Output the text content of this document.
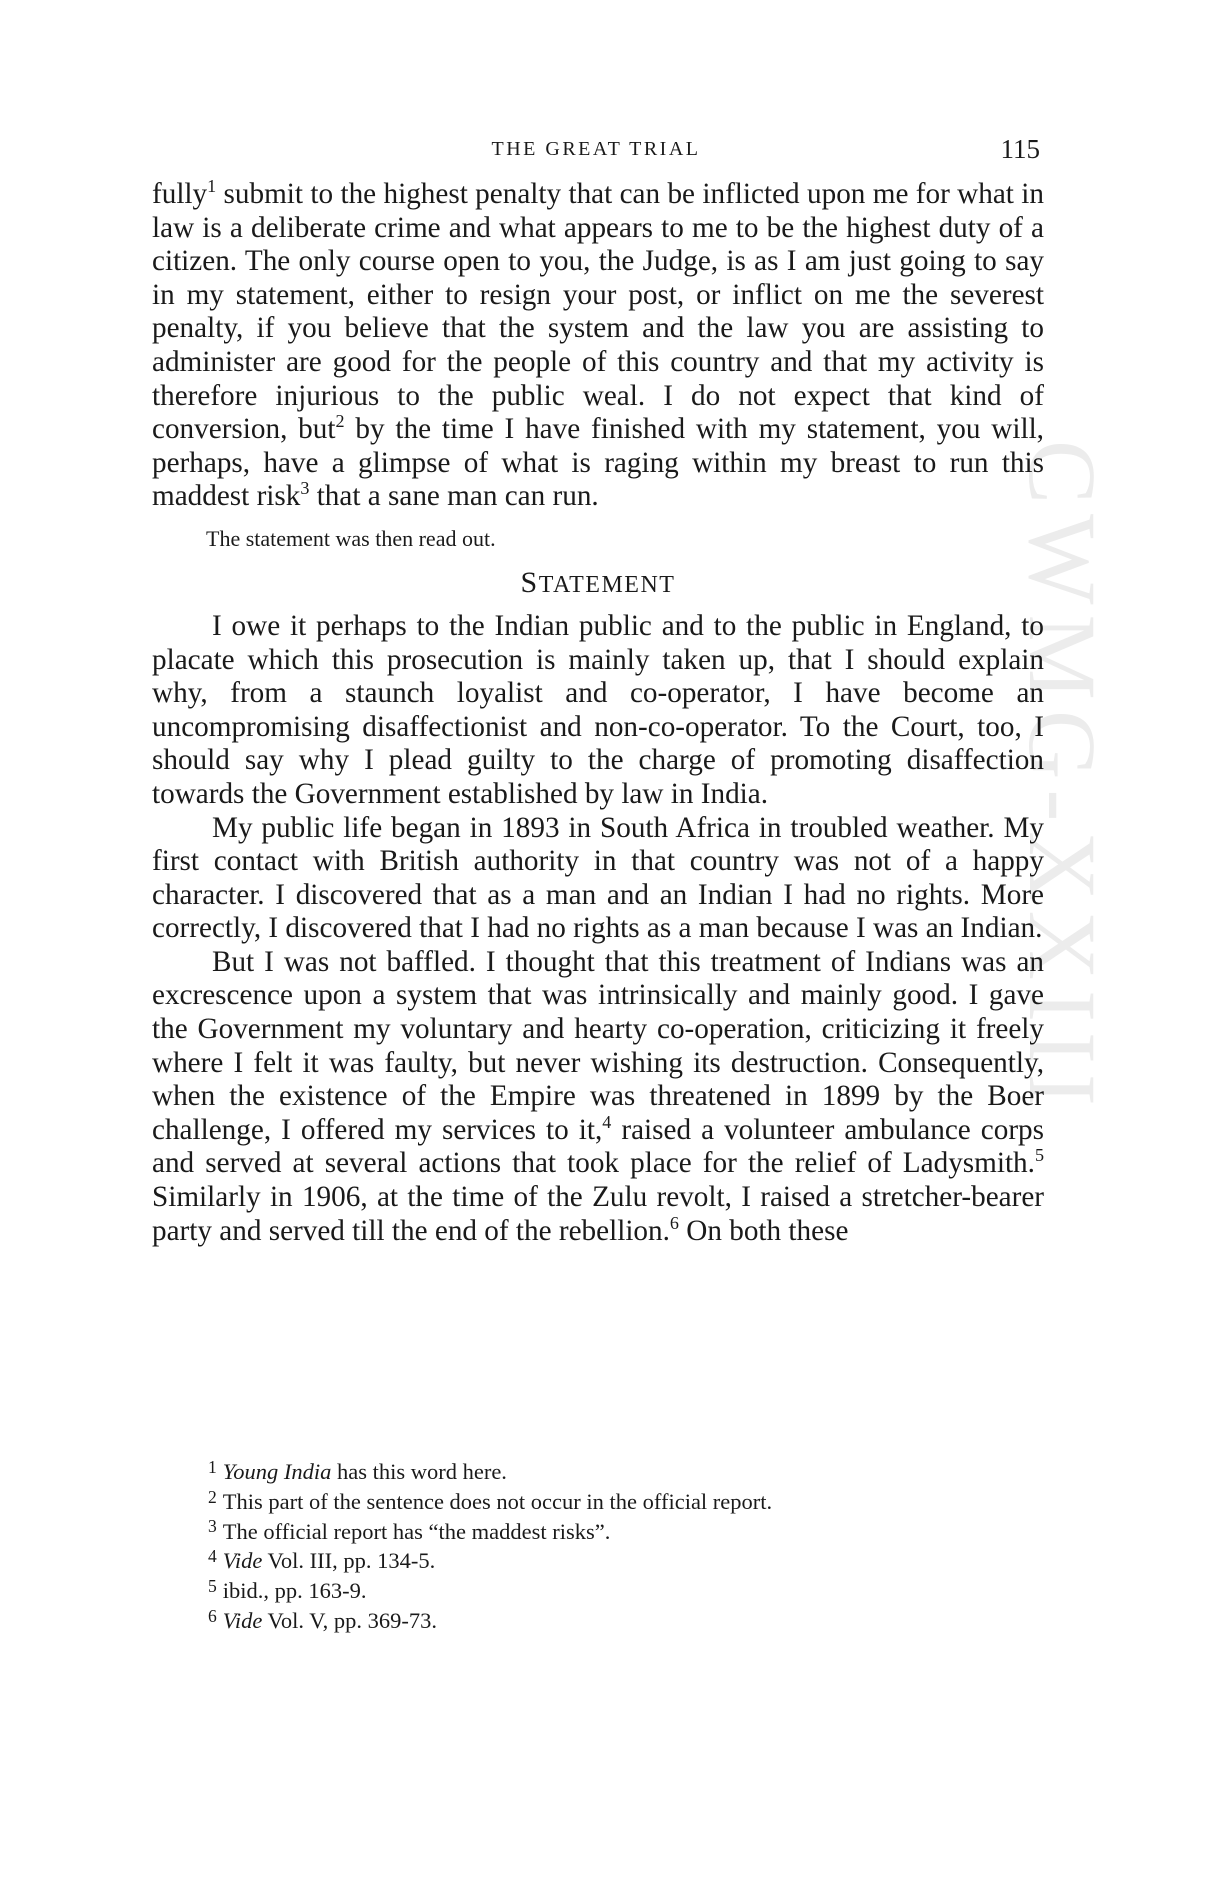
THE GREAT TRIAL	115
CWMG-XXIII

fully$^1$ submit to the highest penalty that can be inflicted upon me for what in law is a deliberate crime and what appears to me to be the highest duty of a citizen. The only course open to you, the Judge, is as I am just going to say in my statement, either to resign your post, or inflict on me the severest penalty, if you believe that the system and the law you are assisting to administer are good for the people of this country and that my activity is therefore injurious to the public weal. I do not expect that kind of conversion, but$^2$ by the time I have finished with my statement, you will, perhaps, have a glimpse of what is raging within my breast to run this maddest risk$^3$ that a sane man can run.

The statement was then read out.

STATEMENT

I owe it perhaps to the Indian public and to the public in England, to placate which this prosecution is mainly taken up, that I should explain why, from a staunch loyalist and co-operator, I have become an uncompromising disaffectionist and non-co-operator. To the Court, too, I should say why I plead guilty to the charge of promoting disaffection towards the Government established by law in India.

My public life began in 1893 in South Africa in troubled weather. My first contact with British authority in that country was not of a happy character. I discovered that as a man and an Indian I had no rights. More correctly, I discovered that I had no rights as a man because I was an Indian.

But I was not baffled. I thought that this treatment of Indians was an excrescence upon a system that was intrinsically and mainly good. I gave the Government my voluntary and hearty co-operation, criticizing it freely where I felt it was faulty, but never wishing its destruction. Consequently, when the existence of the Empire was threatened in 1899 by the Boer challenge, I offered my services to it,$^4$ raised a volunteer ambulance corps and served at several actions that took place for the relief of Ladysmith.$^5$ Similarly in 1906, at the time of the Zulu revolt, I raised a stretcher-bearer party and served till the end of the rebellion.$^6$ On both these

$^1$ Young India has this word here.

$^2$ This part of the sentence does not occur in the official report.

$^3$ The official report has “the maddest risks”.

$^4$ Vide Vol. III, pp. 134-5.

$^5$ ibid., pp. 163-9.

$^6$ Vide Vol. V, pp. 369-73.
